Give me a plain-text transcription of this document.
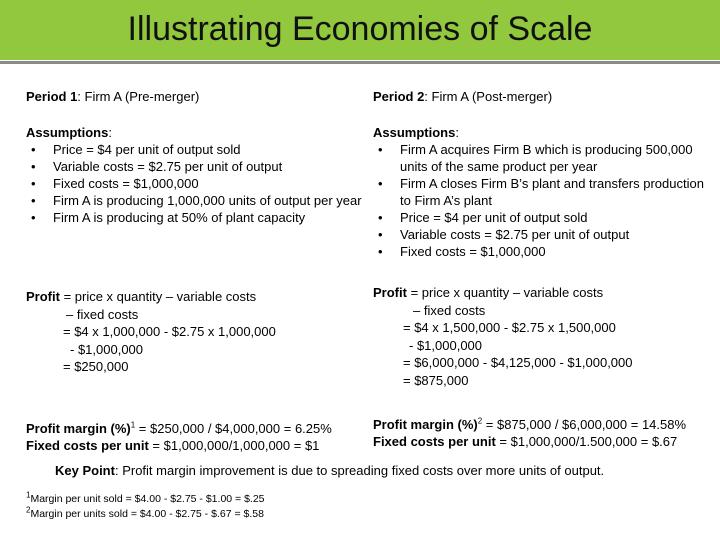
Illustrating Economies of Scale
Period 1: Firm A (Pre-merger)
Assumptions:
• Price = $4 per unit of output sold
• Variable costs = $2.75 per unit of output
• Fixed costs = $1,000,000
• Firm A is producing 1,000,000 units of output per year
• Firm A is producing at 50% of plant capacity
Profit = price x quantity – variable costs
– fixed costs
= $4 x 1,000,000 - $2.75 x 1,000,000
- $1,000,000
= $250,000
Profit margin (%)$^1$ = $250,000 / $4,000,000 = 6.25%
Fixed costs per unit = $1,000,000/1,000,000 = $1
Period 2: Firm A (Post-merger)
Assumptions:
• Firm A acquires Firm B which is producing 500,000 units of the same product per year
• Firm A closes Firm B’s plant and transfers production to Firm A’s plant
• Price = $4 per unit of output sold
• Variable costs = $2.75 per unit of output
• Fixed costs = $1,000,000
Profit = price x quantity – variable costs
– fixed costs
= $4 x 1,500,000 - $2.75 x 1,500,000
- $1,000,000
= $6,000,000 - $4,125,000 - $1,000,000
= $875,000
Profit margin (%)$^2$ = $875,000 / $6,000,000 = 14.58%
Fixed costs per unit = $1,000,000/1.500,000 = $.67
Key Point: Profit margin improvement is due to spreading fixed costs over more units of output.
$^1$Margin per unit sold = $4.00 - $2.75 - $1.00 = $.25
$^2$Margin per units sold = $4.00 - $2.75 - $.67 = $.58
